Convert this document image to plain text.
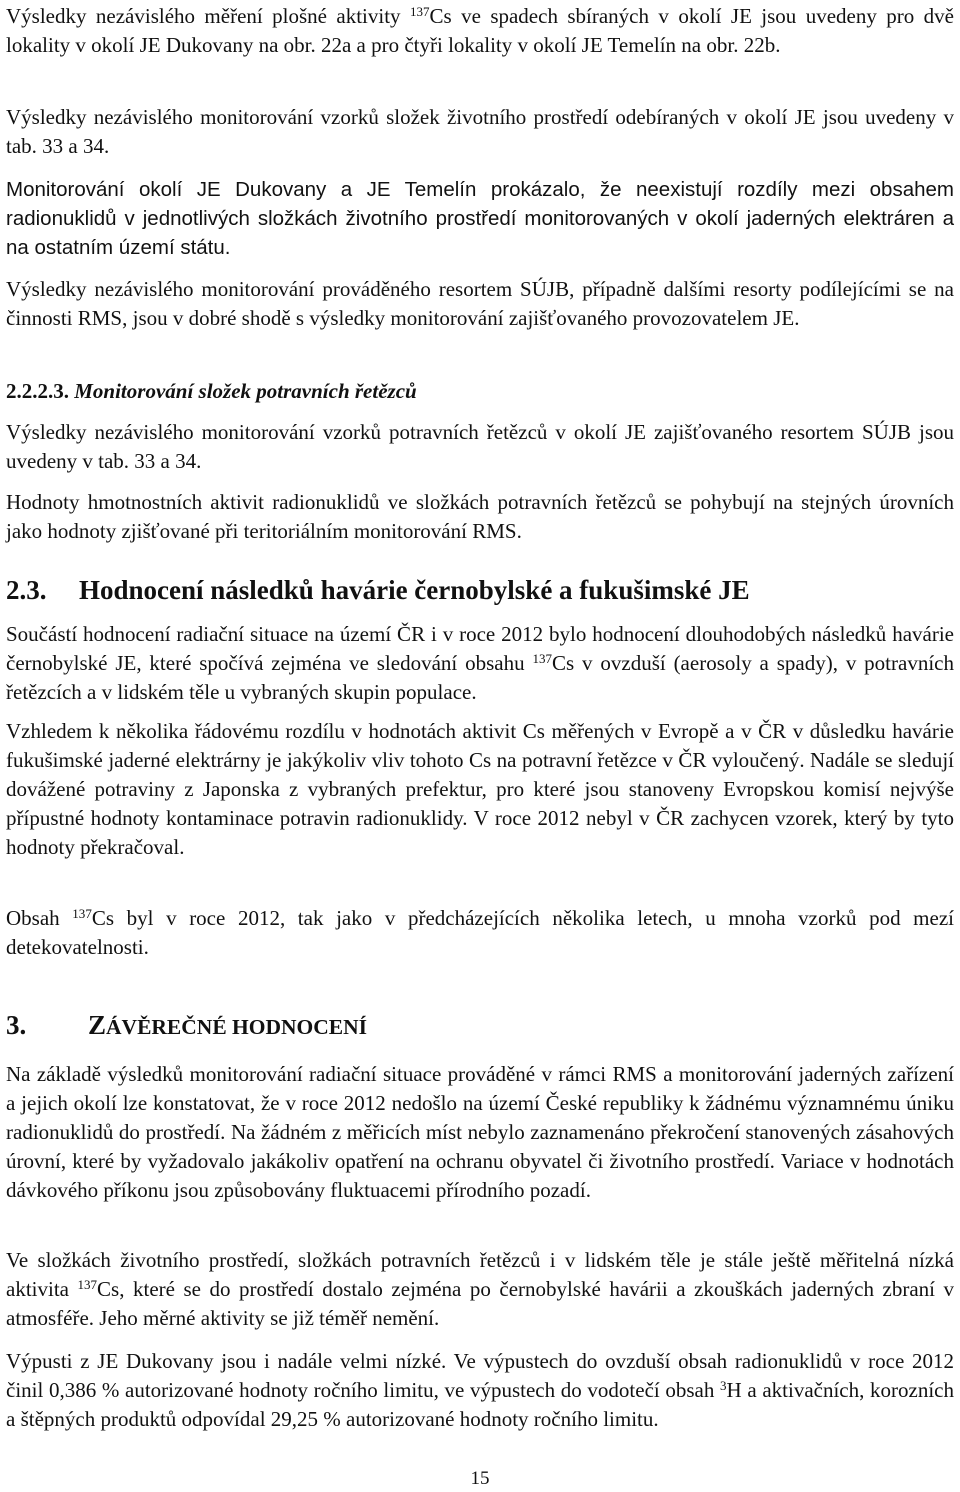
Výsledky nezávislého měření plošné aktivity $^{137}$Cs ve spadech sbíraných v okolí JE jsou uvedeny pro dvě lokality v okolí JE Dukovany na obr. 22a a pro čtyři lokality v okolí JE Temelín na obr. 22b.

Výsledky nezávislého monitorování vzorků složek životního prostředí odebíraných v okolí JE jsou uvedeny v tab. 33 a 34.

Monitorování okolí JE Dukovany a JE Temelín prokázalo, že neexistují rozdíly mezi obsahem radionuklidů v jednotlivých složkách životního prostředí monitorovaných v okolí jaderných elektráren a na ostatním území státu.

Výsledky nezávislého monitorování prováděného resortem SÚJB, případně dalšími resorty podílejícími se na činnosti RMS, jsou v dobré shodě s výsledky monitorování zajišťovaného provozovatelem JE.

2.2.2.3. Monitorování složek potravních řetězců

Výsledky nezávislého monitorování vzorků potravních řetězců v okolí JE zajišťovaného resortem SÚJB jsou uvedeny v tab. 33 a 34.

Hodnoty hmotnostních aktivit radionuklidů ve složkách potravních řetězců se pohybují na stejných úrovních jako hodnoty zjišťované při teritoriálním monitorování RMS.

2.3. Hodnocení následků havárie černobylské a fukušimské JE

Součástí hodnocení radiační situace na území ČR i v roce 2012 bylo hodnocení dlouhodobých následků havárie černobylské JE, které spočívá zejména ve sledování obsahu $^{137}$Cs v ovzduší (aerosoly a spady), v potravních řetězcích a v lidském těle u vybraných skupin populace.

Vzhledem k několika řádovému rozdílu v hodnotách aktivit Cs měřených v Evropě a v ČR v důsledku havárie fukušimské jaderné elektrárny je jakýkoliv vliv tohoto Cs na potravní řetězce v ČR vyloučený. Nadále se sledují dovážené potraviny z Japonska z vybraných prefektur, pro které jsou stanoveny Evropskou komisí nejvýše přípustné hodnoty kontaminace potravin radionuklidy. V roce 2012 nebyl v ČR zachycen vzorek, který by tyto hodnoty překračoval.

Obsah $^{137}$Cs byl v roce 2012, tak jako v předcházejících několika letech, u mnoha vzorků pod mezí detekovatelnosti.

3. ZÁVĚREČNÉ HODNOCENÍ

Na základě výsledků monitorování radiační situace prováděné v rámci RMS a monitorování jaderných zařízení a jejich okolí lze konstatovat, že v roce 2012 nedošlo na území České republiky k žádnému významnému úniku radionuklidů do prostředí. Na žádném z měřicích míst nebylo zaznamenáno překročení stanovených zásahových úrovní, které by vyžadovalo jakákoliv opatření na ochranu obyvatel či životního prostředí. Variace v hodnotách dávkového příkonu jsou způsobovány fluktuacemi přírodního pozadí.

Ve složkách životního prostředí, složkách potravních řetězců i v lidském těle je stále ještě měřitelná nízká aktivita $^{137}$Cs, které se do prostředí dostalo zejména po černobylské havárii a zkouškách jaderných zbraní v atmosféře. Jeho měrné aktivity se již téměř nemění.

Výpusti z JE Dukovany jsou i nadále velmi nízké. Ve výpustech do ovzduší obsah radionuklidů v roce 2012 činil 0,386 % autorizované hodnoty ročního limitu, ve výpustech do vodotečí obsah $^3$H a aktivačních, korozních a štěpných produktů odpovídal 29,25 % autorizované hodnoty ročního limitu.

15
